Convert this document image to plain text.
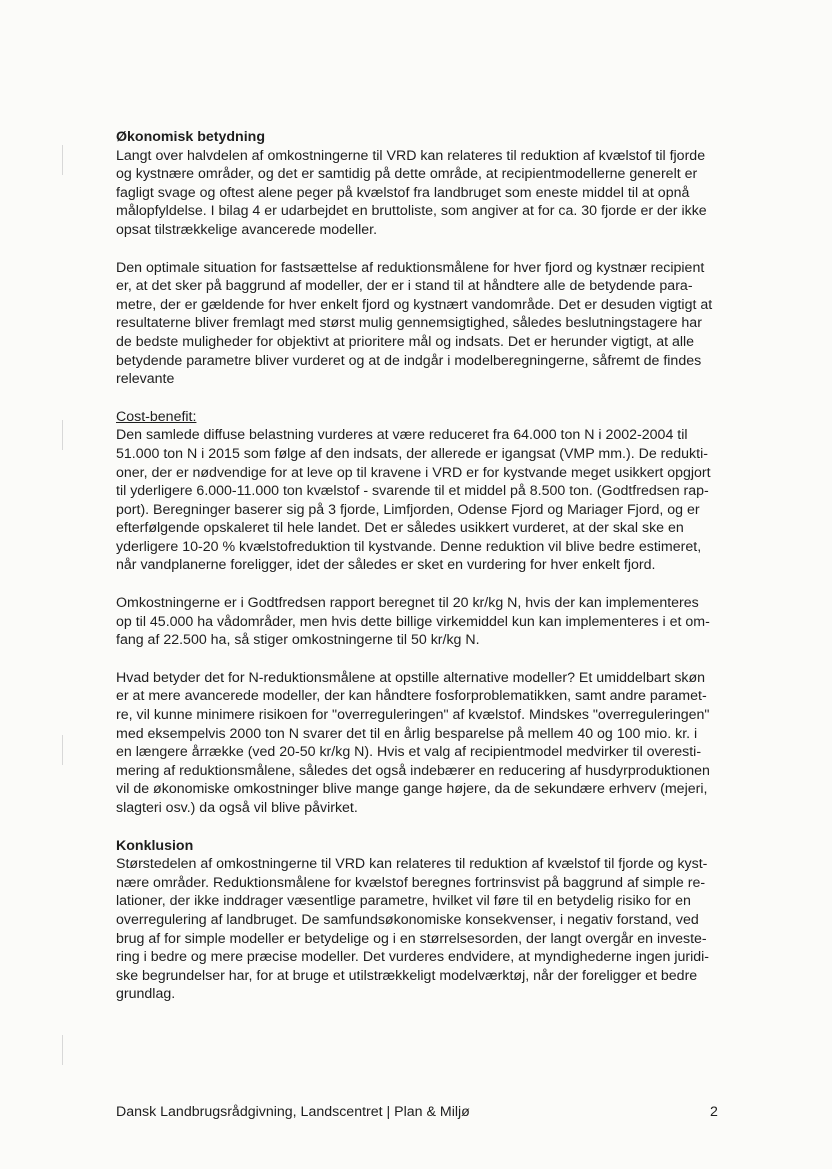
Økonomisk betydning
Langt over halvdelen af omkostningerne til VRD kan relateres til reduktion af kvælstof til fjorde
og kystnære områder, og det er samtidig på dette område, at recipientmodellerne generelt er
fagligt svage og oftest alene peger på kvælstof fra landbruget som eneste middel til at opnå
målopfyldelse. I bilag 4 er udarbejdet en bruttoliste, som angiver at for ca. 30 fjorde er der ikke
opsat tilstrækkelige avancerede modeller.
Den optimale situation for fastsættelse af reduktionsmålene for hver fjord og kystnær recipient
er, at det sker på baggrund af modeller, der er i stand til at håndtere alle de betydende para-
metre, der er gældende for hver enkelt fjord og kystnært vandområde. Det er desuden vigtigt at
resultaterne bliver fremlagt med størst mulig gennemsigtighed, således beslutningstagere har
de bedste muligheder for objektivt at prioritere mål og indsats. Det er herunder vigtigt, at alle
betydende parametre bliver vurderet og at de indgår i modelberegningerne, såfremt de findes
relevante
Cost-benefit:
Den samlede diffuse belastning vurderes at være reduceret fra 64.000 ton N i 2002-2004 til
51.000 ton N i 2015 som følge af den indsats, der allerede er igangsat (VMP mm.). De redukti-
oner, der er nødvendige for at leve op til kravene i VRD er for kystvande meget usikkert opgjort
til yderligere 6.000-11.000 ton kvælstof - svarende til et middel på 8.500 ton. (Godtfredsen rap-
port). Beregninger baserer sig på 3 fjorde, Limfjorden, Odense Fjord og Mariager Fjord, og er
efterfølgende opskaleret til hele landet. Det er således usikkert vurderet, at der skal ske en
yderligere 10-20 % kvælstofreduktion til kystvande. Denne reduktion vil blive bedre estimeret,
når vandplanerne foreligger, idet der således er sket en vurdering for hver enkelt fjord.
Omkostningerne er i Godtfredsen rapport beregnet til 20 kr/kg N, hvis der kan implementeres
op til 45.000 ha vådområder, men hvis dette billige virkemiddel kun kan implementeres i et om-
fang af 22.500 ha, så stiger omkostningerne til 50 kr/kg N.
Hvad betyder det for N-reduktionsmålene at opstille alternative modeller? Et umiddelbart skøn
er at mere avancerede modeller, der kan håndtere fosforproblematikken, samt andre paramet-
re, vil kunne minimere risikoen for "overreguleringen" af kvælstof. Mindskes "overreguleringen"
med eksempelvis 2000 ton N svarer det til en årlig besparelse på mellem 40 og 100 mio. kr. i
en længere årrække (ved 20-50 kr/kg N). Hvis et valg af recipientmodel medvirker til overesti-
mering af reduktionsmålene, således det også indebærer en reducering af husdyrproduktionen
vil de økonomiske omkostninger blive mange gange højere, da de sekundære erhverv (mejeri,
slagteri osv.) da også vil blive påvirket.
Konklusion
Størstedelen af omkostningerne til VRD kan relateres til reduktion af kvælstof til fjorde og kyst-
nære områder. Reduktionsmålene for kvælstof beregnes fortrinsvist på baggrund af simple re-
lationer, der ikke inddrager væsentlige parametre, hvilket vil føre til en betydelig risiko for en
overregulering af landbruget. De samfundsøkonomiske konsekvenser, i negativ forstand, ved
brug af for simple modeller er betydelige og i en størrelsesorden, der langt overgår en investe-
ring i bedre og mere præcise modeller. Det vurderes endvidere, at myndighederne ingen juridi-
ske begrundelser har, for at bruge et utilstrækkeligt modelværktøj, når der foreligger et bedre
grundlag.
Dansk Landbrugsrådgivning, Landscentret | Plan & Miljø	2
